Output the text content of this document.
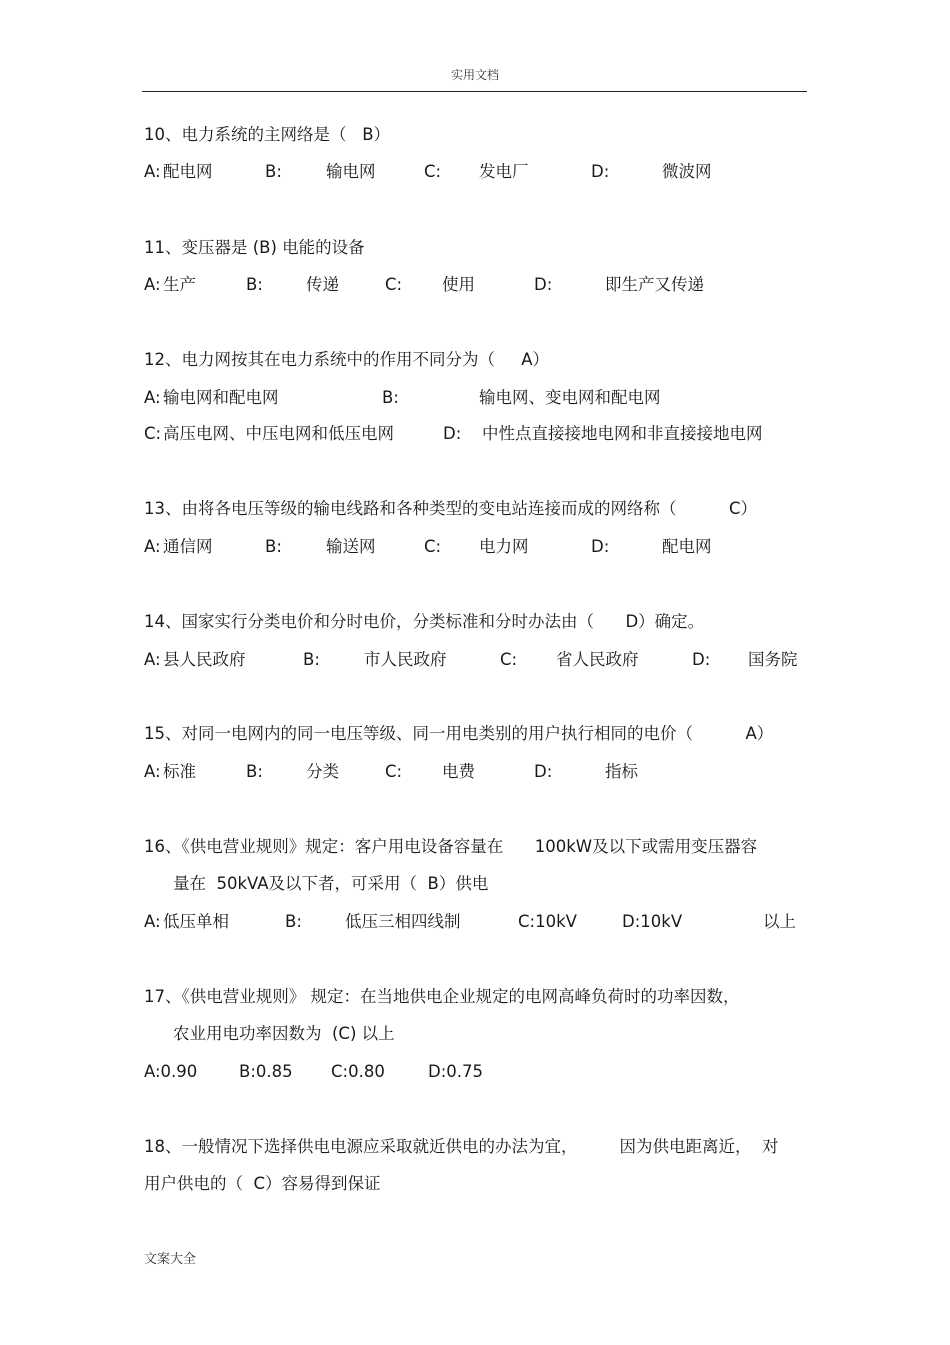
实用文档
10、电力系统的主网络是（   B）
A: 配电网	B:	输电网	C: 发电厂	D:	微波网
11、变压器是 (B) 电能的设备
A: 生产	B:	传递	C: 使用	D:	即生产又传递
12、电力网按其在电力系统中的作用不同分为（     A）
A: 输电网和配电网	B:	输电网、变电网和配电网
C: 高压电网、中压电网和低压电网	D: 中性点直接接地电网和非直接接地电网
13、由将各电压等级的输电线路和各种类型的变电站连接而成的网络称（          C）
A: 通信网	B:	输送网	C: 电力网	D:	配电网
14、国家实行分类电价和分时电价，分类标准和分时办法由（      D）确定。
A: 县人民政府	B:	市人民政府	C: 省人民政府	D: 国务院
15、对同一电网内的同一电压等级、同一用电类别的用户执行相同的电价（          A）
A: 标准	B:	分类	C: 电费	D:	指标
16、《供电营业规则》规定：客户用电设备容量在      100kW及以下或需用变压器容
量在  50kVA及以下者，可采用（  B）供电
A: 低压单相	B:	低压三相四线制	C:10kV	D:10kV	以上
17、《供电营业规则》 规定：在当地供电企业规定的电网高峰负荷时的功率因数，
农业用电功率因数为  (C) 以上
A:0.90	B:0.85 C:0.80	D:0.75
18、一般情况下选择供电电源应采取就近供电的办法为宜，        因为供电距离近，  对
用户供电的（  C）容易得到保证
文案大全
